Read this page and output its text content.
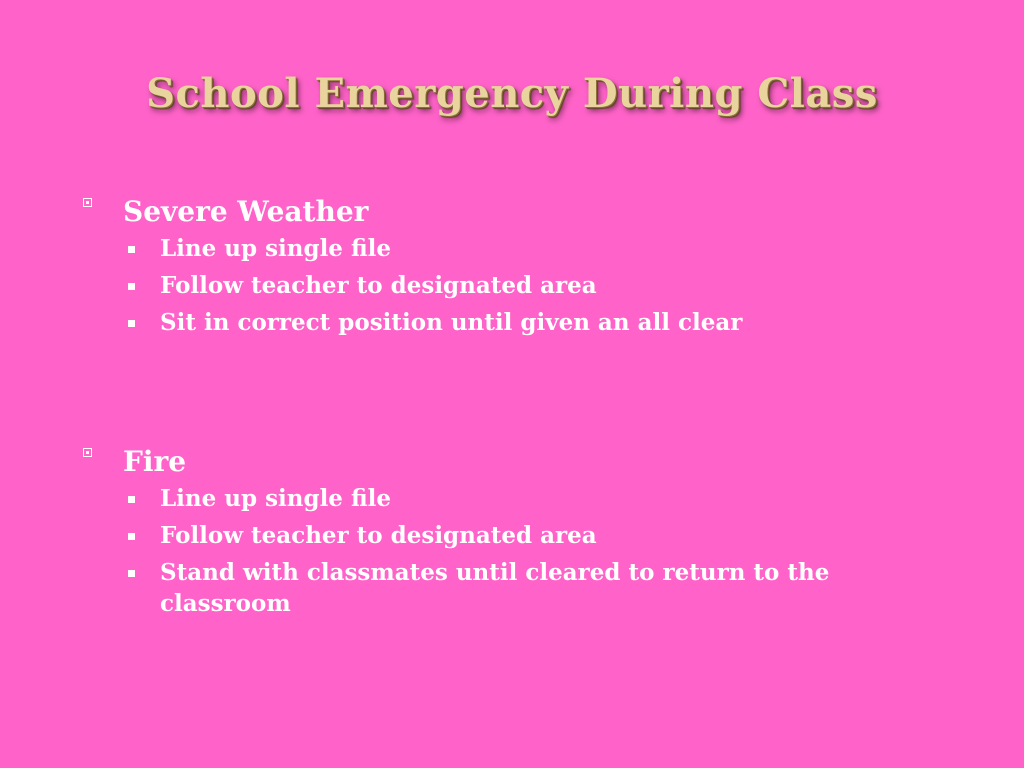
School Emergency During Class
Severe Weather
Line up single file
Follow teacher to designated area
Sit in correct position until given an all clear
Fire
Line up single file
Follow teacher to designated area
Stand with classmates until cleared to return to the classroom
